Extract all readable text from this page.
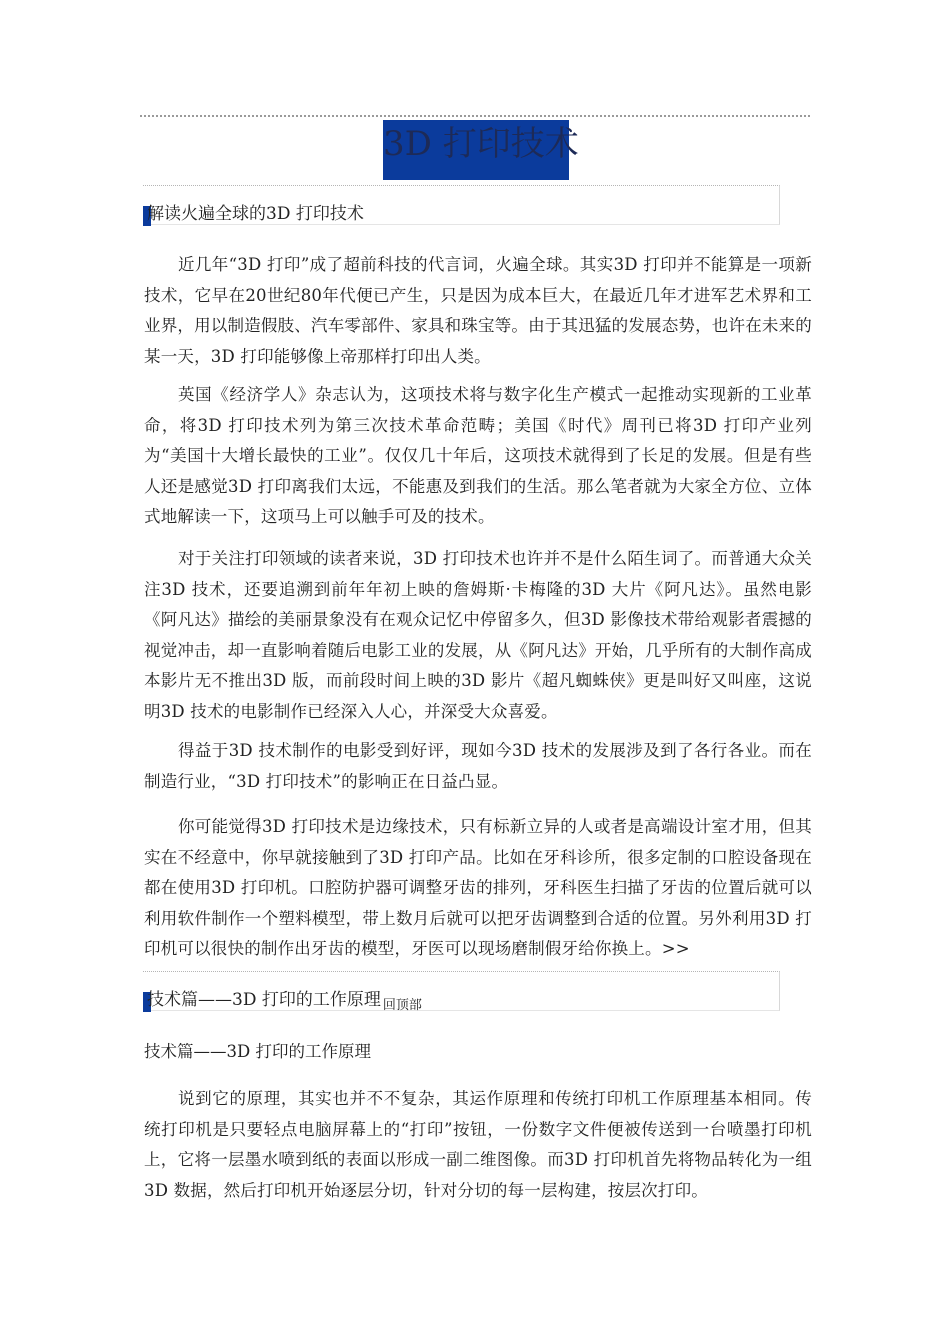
3D 打印技术
解读火遍全球的3D 打印技术

近几年“3D 打印”成了超前科技的代言词，火遍全球。其实3D 打印并不能算是一项新技术，它早在20世纪80年代便已产生，只是因为成本巨大，在最近几年才进军艺术界和工业界，用以制造假肢、汽车零部件、家具和珠宝等。由于其迅猛的发展态势，也许在未来的某一天，3D 打印能够像上帝那样打印出人类。

英国《经济学人》杂志认为，这项技术将与数字化生产模式一起推动实现新的工业革命，将3D 打印技术列为第三次技术革命范畴；美国《时代》周刊已将3D 打印产业列为“美国十大增长最快的工业”。仅仅几十年后，这项技术就得到了长足的发展。但是有些人还是感觉3D 打印离我们太远，不能惠及到我们的生活。那么笔者就为大家全方位、立体式地解读一下，这项马上可以触手可及的技术。

对于关注打印领域的读者来说，3D 打印技术也许并不是什么陌生词了。而普通大众关注3D 技术，还要追溯到前年年初上映的詹姆斯·卡梅隆的3D 大片《阿凡达》。虽然电影《阿凡达》描绘的美丽景象没有在观众记忆中停留多久，但3D 影像技术带给观影者震撼的视觉冲击，却一直影响着随后电影工业的发展，从《阿凡达》开始，几乎所有的大制作高成本影片无不推出3D 版，而前段时间上映的3D 影片《超凡蜘蛛侠》更是叫好又叫座，这说明3D 技术的电影制作已经深入人心，并深受大众喜爱。

得益于3D 技术制作的电影受到好评，现如今3D 技术的发展涉及到了各行各业。而在制造行业，“3D 打印技术”的影响正在日益凸显。

你可能觉得3D 打印技术是边缘技术，只有标新立异的人或者是高端设计室才用，但其实在不经意中，你早就接触到了3D 打印产品。比如在牙科诊所，很多定制的口腔设备现在都在使用3D 打印机。口腔防护器可调整牙齿的排列，牙科医生扫描了牙齿的位置后就可以利用软件制作一个塑料模型，带上数月后就可以把牙齿调整到合适的位置。另外利用3D 打印机可以很快的制作出牙齿的模型，牙医可以现场磨制假牙给你换上。>>

技术篇——3D 打印的工作原理 $_{回顶部}$
技术篇——3D 打印的工作原理

说到它的原理，其实也并不不复杂，其运作原理和传统打印机工作原理基本相同。传统打印机是只要轻点电脑屏幕上的“打印”按钮，一份数字文件便被传送到一台喷墨打印机上，它将一层墨水喷到纸的表面以形成一副二维图像。而3D 打印机首先将物品转化为一组3D 数据，然后打印机开始逐层分切，针对分切的每一层构建，按层次打印。
